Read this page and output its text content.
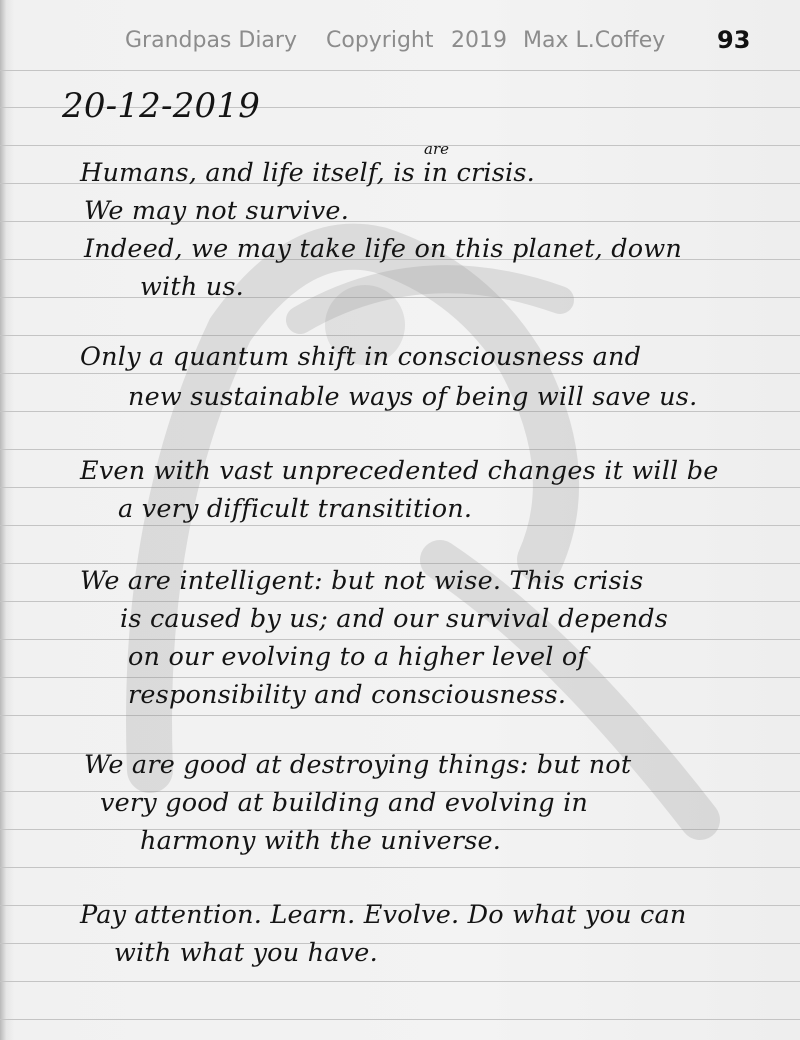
Grandpas Diary Copyright 2019 Max L.Coffey 93
20-12-2019
are
Humans, and life itself, is in crisis.
We may not survive.
Indeed, we may take life on this planet, down
with us.
Only a quantum shift in consciousness and
new sustainable ways of being will save us.
Even with vast unprecedented changes it will be
a very difficult transitition.
We are intelligent: but not wise. This crisis
is caused by us; and our survival depends
on our evolving to a higher level of
responsibility and consciousness.
We are good at destroying things: but not
very good at building and evolving in
harmony with the universe.
Pay attention. Learn. Evolve. Do what you can
with what you have.
